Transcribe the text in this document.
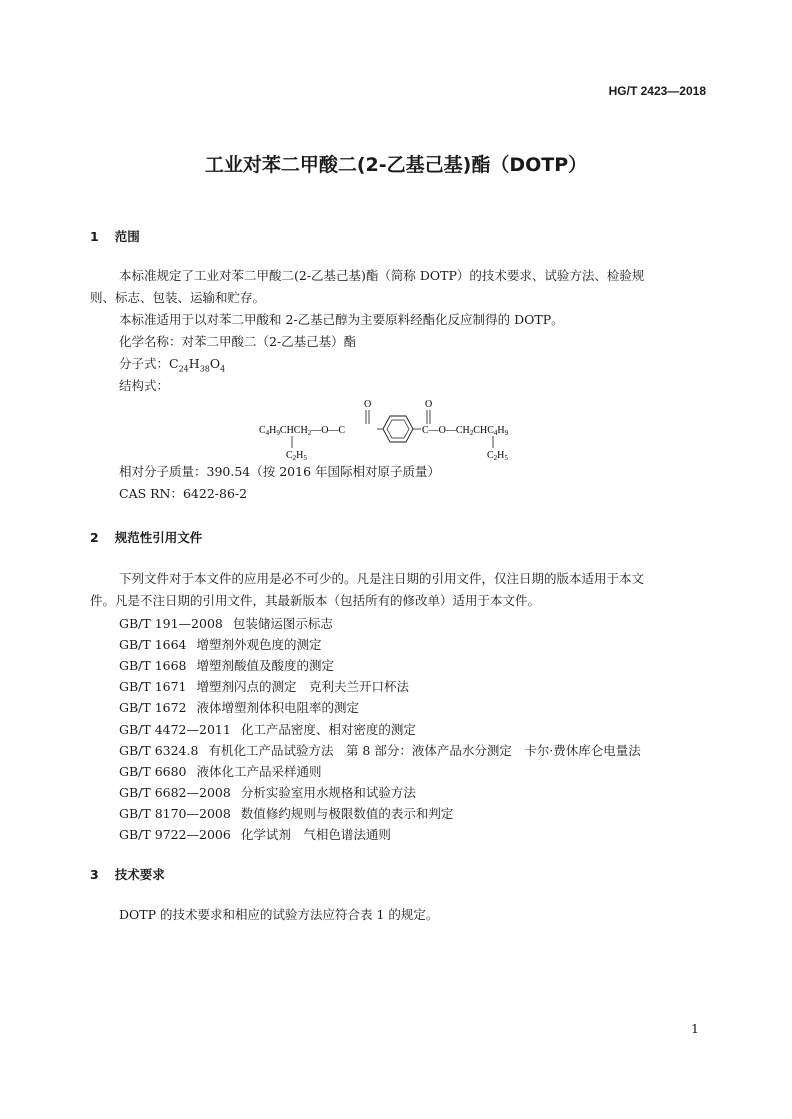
HG/T 2423—2018
工业对苯二甲酸二(2-乙基己基)酯（DOTP）
1 范围
本标准规定了工业对苯二甲酸二(2-乙基己基)酯（简称 DOTP）的技术要求、试验方法、检验规
则、标志、包装、运输和贮存。
本标准适用于以对苯二甲酸和 2-乙基己醇为主要原料经酯化反应制得的 DOTP。
化学名称：对苯二甲酸二（2-乙基己基）酯
分子式：$C_{24}H_{38}O_4$
结构式：
O	O
$C_4H_9CHCH_2—O—C$	$C—O—CH_2CHC_4H_9$
$C_2H_5$	$C_2H_5$
相对分子质量：390.54（按 2016 年国际相对原子质量）
CAS RN：6422-86-2
2 规范性引用文件
下列文件对于本文件的应用是必不可少的。凡是注日期的引用文件，仅注日期的版本适用于本文
件。凡是不注日期的引用文件，其最新版本（包括所有的修改单）适用于本文件。
GB/T 191—2008 包装储运图示标志
GB/T 1664 增塑剂外观色度的测定
GB/T 1668 增塑剂酸值及酸度的测定
GB/T 1671 增塑剂闪点的测定　克利夫兰开口杯法
GB/T 1672 液体增塑剂体积电阻率的测定
GB/T 4472—2011 化工产品密度、相对密度的测定
GB/T 6324.8 有机化工产品试验方法　第 8 部分：液体产品水分测定　卡尔·费休库仑电量法
GB/T 6680 液体化工产品采样通则
GB/T 6682—2008 分析实验室用水规格和试验方法
GB/T 8170—2008 数值修约规则与极限数值的表示和判定
GB/T 9722—2006 化学试剂　气相色谱法通则
3 技术要求
DOTP 的技术要求和相应的试验方法应符合表 1 的规定。
1
